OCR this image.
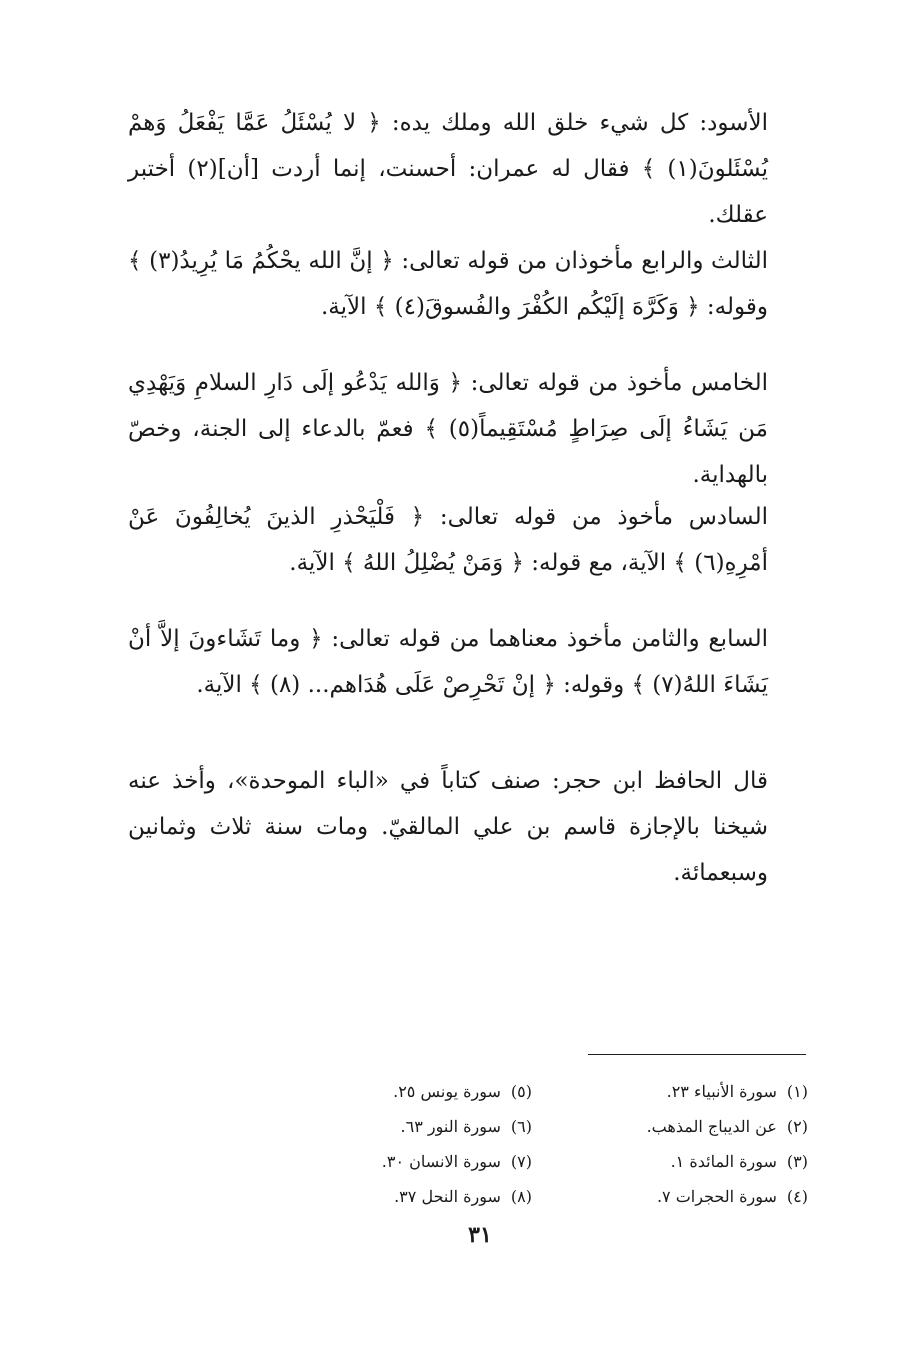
الأسود: كل شيء خلق الله وملك يده: ﴿ لا يُسْئَلُ عَمَّا يَفْعَلُ وَهمْ يُسْئَلونَ(١) ﴾ فقال له عمران: أحسنت، إنما أردت [أن](٢) أختبر عقلك.

الثالث والرابع مأخوذان من قوله تعالى: ﴿ إنَّ الله يحْكُمُ مَا يُرِيدُ(٣) ﴾ وقوله: ﴿ وَكَرَّهَ إلَيْكُم الكُفْرَ والفُسوقَ(٤) ﴾ الآية.

الخامس مأخوذ من قوله تعالى: ﴿ وَالله يَدْعُو إلَى دَارِ السلامِ وَيَهْدِي مَن يَشَاءُ إلَى صِرَاطٍ مُسْتَقِيماً(٥) ﴾ فعمّ بالدعاء إلى الجنة، وخصّ بالهداية.

السادس مأخوذ من قوله تعالى: ﴿ فَلْيَحْذرِ الذينَ يُخالِفُونَ عَنْ أمْرِهِ(٦) ﴾ الآية، مع قوله: ﴿ وَمَنْ يُضْلِلُ اللهُ ﴾ الآية.

السابع والثامن مأخوذ معناهما من قوله تعالى: ﴿ وما تَشَاءونَ إلاَّ أنْ يَشَاءَ اللهُ(٧) ﴾ وقوله: ﴿ إنْ تَحْرِصْ عَلَى هُدَاهم... (٨) ﴾ الآية.

قال الحافظ ابن حجر: صنف كتاباً في «الباء الموحدة»، وأخذ عنه شيخنا بالإجازة قاسم بن علي المالقيّ. ومات سنة ثلاث وثمانين وسبعمائة.

(١)سورة الأنبياء ٢٣.
(٢)عن الديباج المذهب.
(٣)سورة المائدة ١.
(٤)سورة الحجرات ٧.
(٥)سورة يونس ٢٥.
(٦)سورة النور ٦٣.
(٧)سورة الانسان ٣٠.
(٨)سورة النحل ٣٧.
٣١
